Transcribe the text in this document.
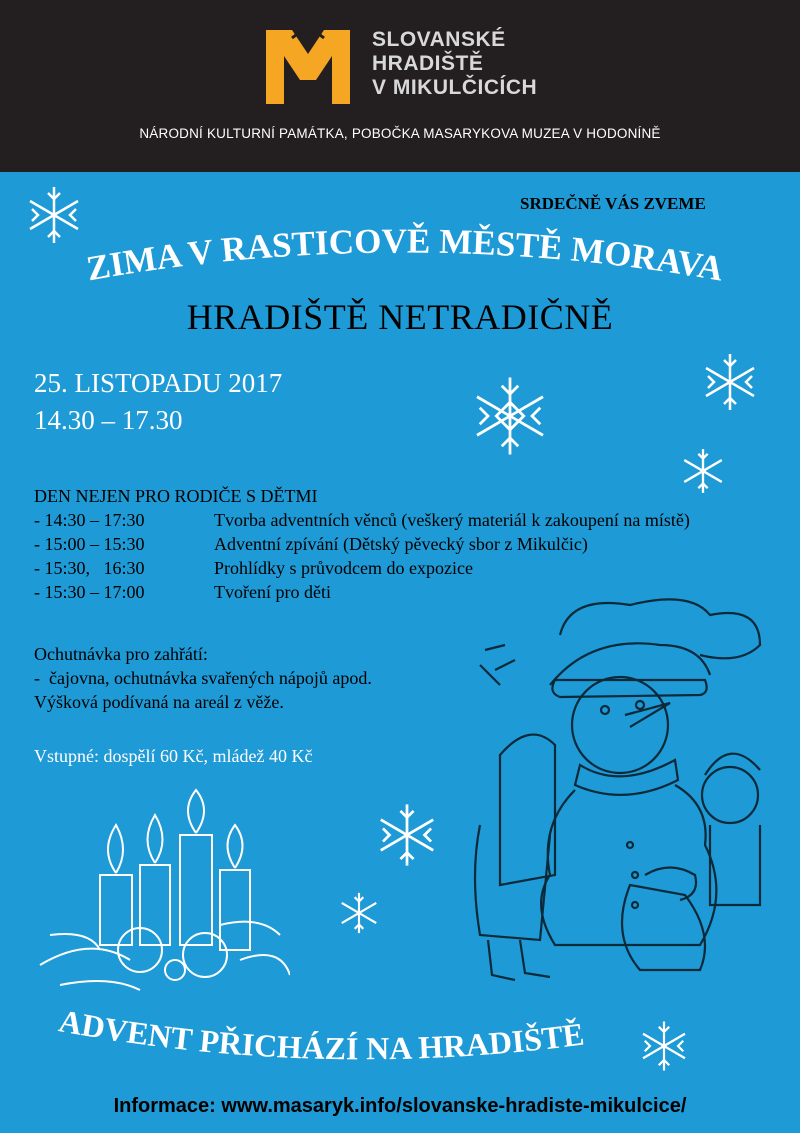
SLOVANSKÉ
HRADIŠTĚ
V MIKULČICÍCH
NÁRODNÍ KULTURNÍ PAMÁTKA, POBOČKA MASARYKOVA MUZEA V HODONÍNĚ
SRDEČNĚ VÁS ZVEME
ZIMA V RASTICOVĚ MĚSTĚ MORAVA
HRADIŠTĚ NETRADIČNĚ
25. LISTOPADU 2017
14.30 – 17.30
DEN NEJEN PRO RODIČE S DĚTMI
- 14:30 – 17:30	Tvorba adventních věnců (veškerý materiál k zakoupení na místě)
- 15:00 – 15:30	Adventní zpívání (Dětský pěvecký sbor z Mikulčic)
- 15:30,   16:30	Prohlídky s průvodcem do expozice
- 15:30 – 17:00	Tvoření pro děti
Ochutnávka pro zahřátí:
-  čajovna, ochutnávka svařených nápojů apod.
Výšková podívaná na areál z věže.
Vstupné: dospělí 60 Kč, mládež 40 Kč
ADVENT PŘICHÁZÍ NA HRADIŠTĚ
Informace: www.masaryk.info/slovanske-hradiste-mikulcice/
